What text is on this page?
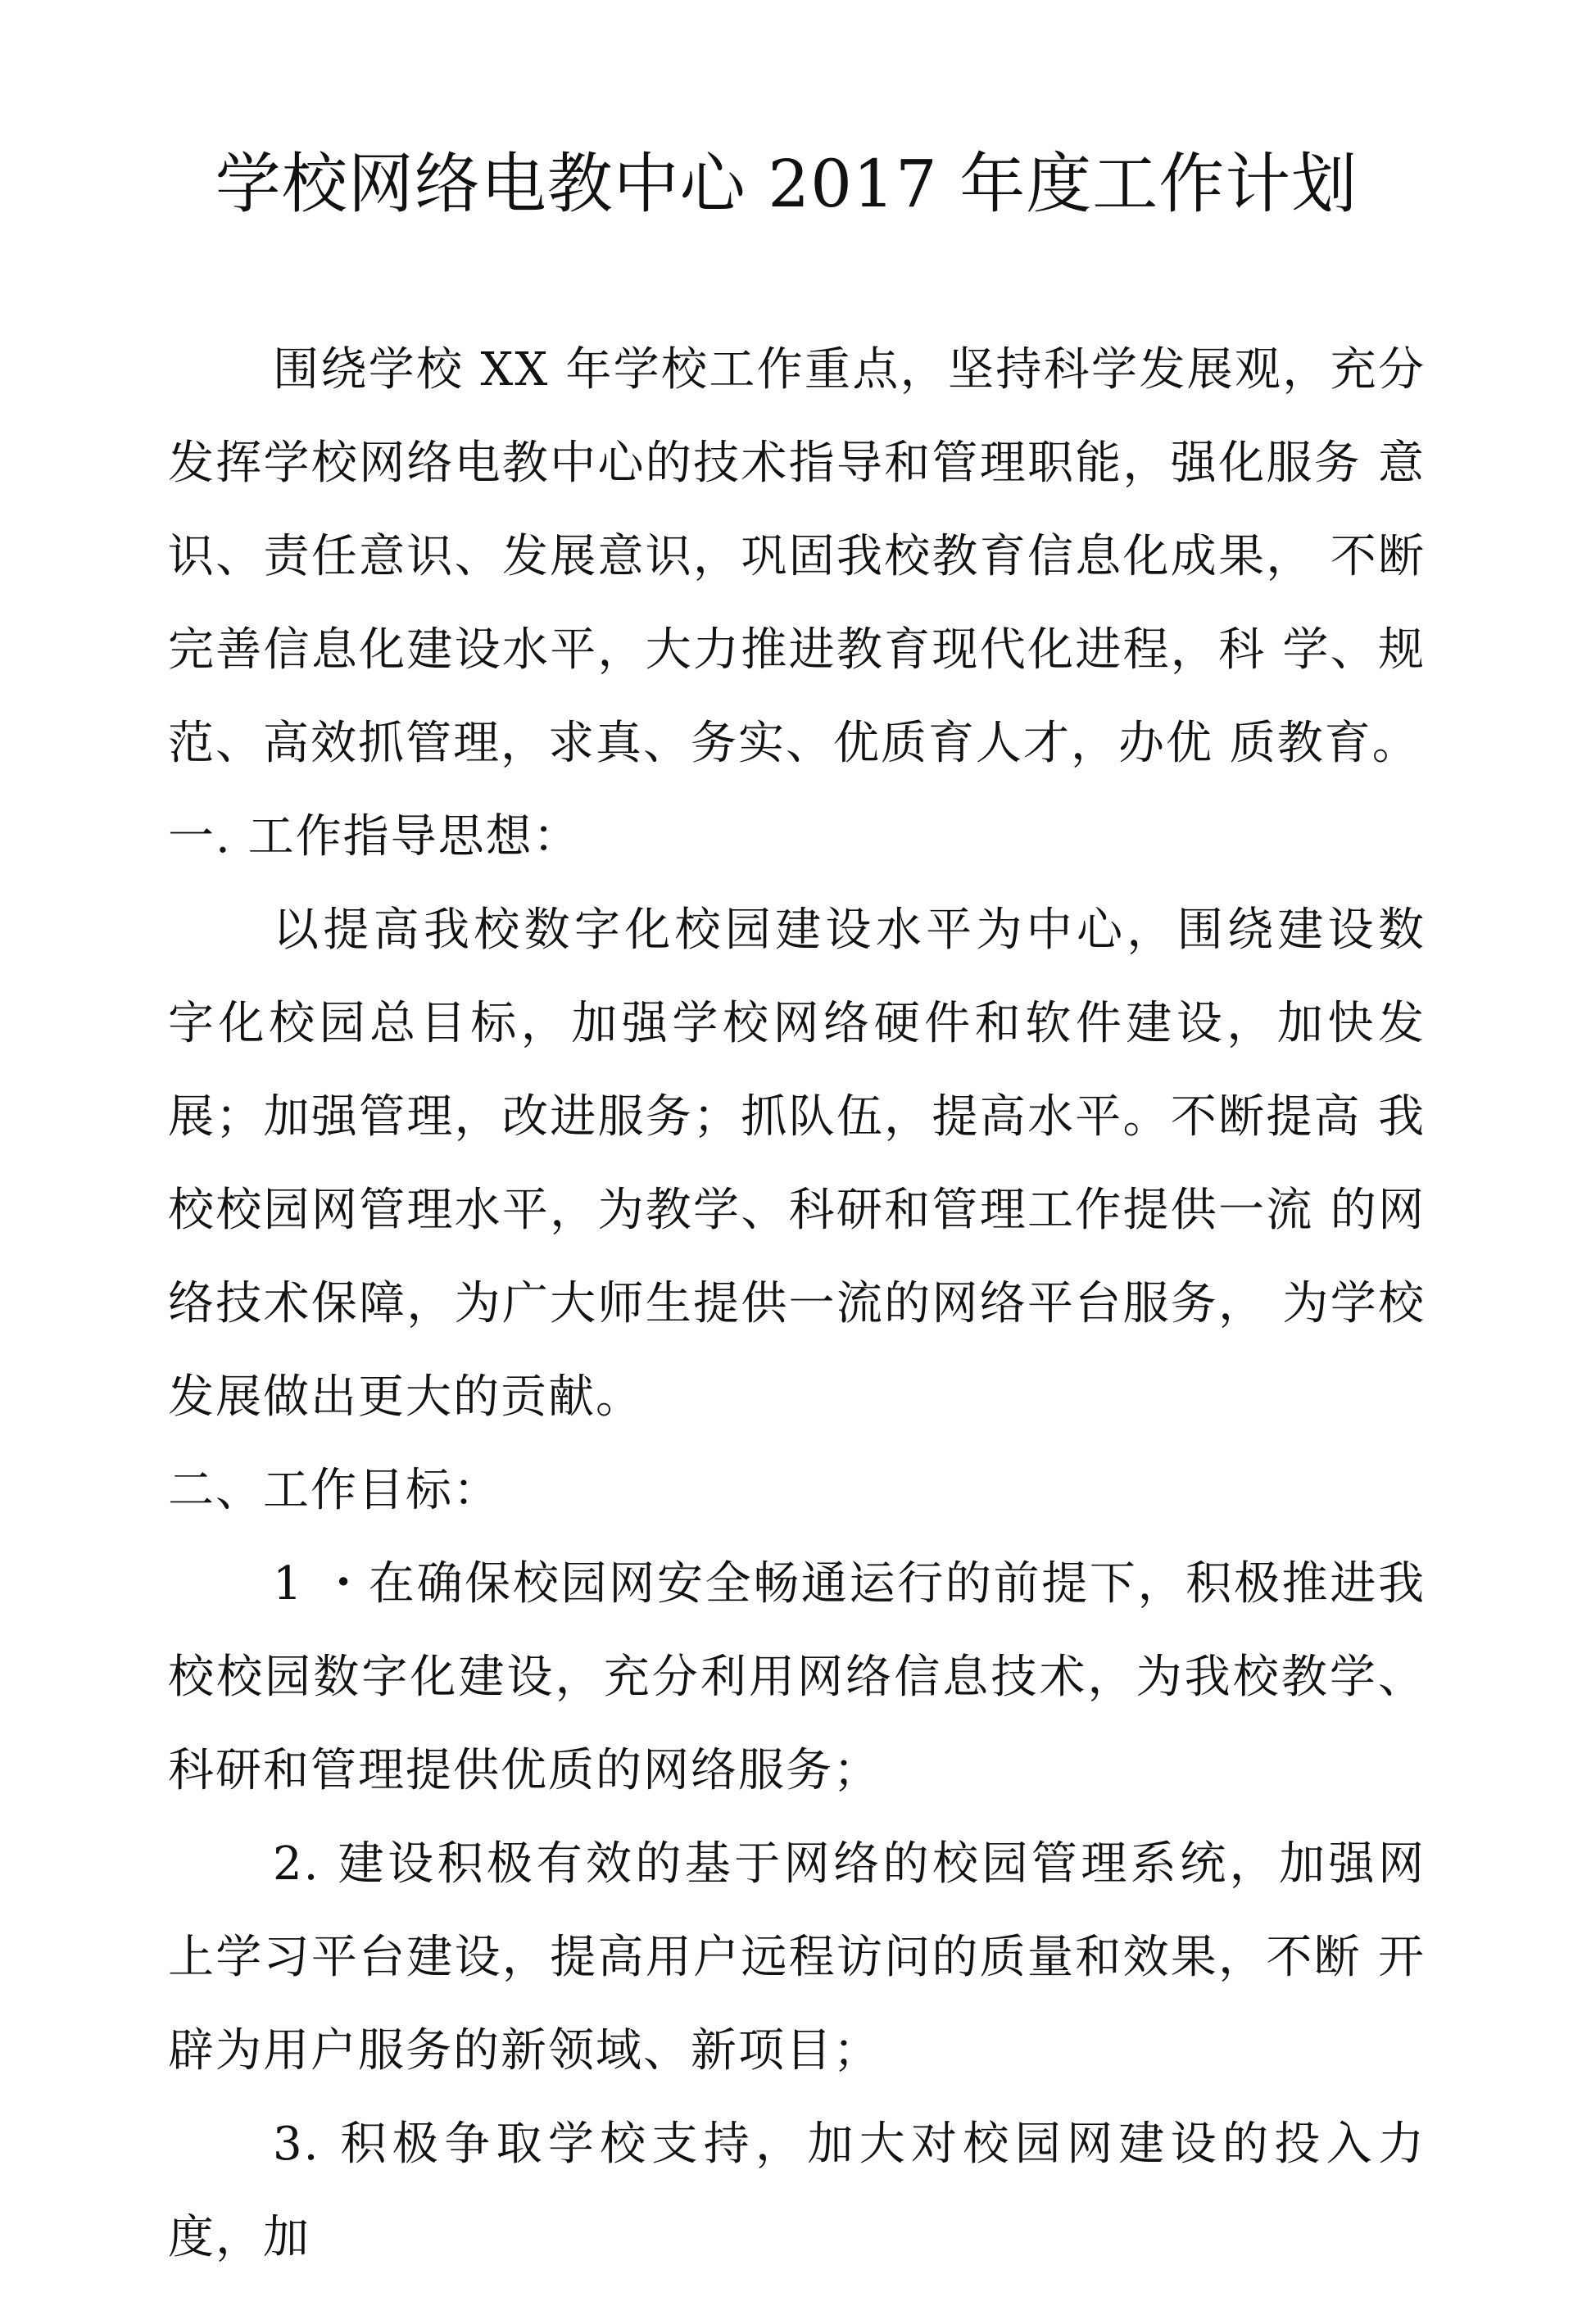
学校网络电教中心 2017 年度工作计划

围绕学校 XX 年学校工作重点，坚持科学发展观，充分发挥学校网络电教中心的技术指导和管理职能，强化服务 意识、责任意识、发展意识，巩固我校教育信息化成果， 不断完善信息化建设水平，大力推进教育现代化进程，科 学、规范、高效抓管理，求真、务实、优质育人才，办优 质教育。

一. 工作指导思想：

以提高我校数字化校园建设水平为中心，围绕建设数 字化校园总目标，加强学校网络硬件和软件建设，加快发 展；加强管理，改进服务；抓队伍，提高水平。不断提高 我校校园网管理水平，为教学、科研和管理工作提供一流 的网络技术保障，为广大师生提供一流的网络平台服务， 为学校发展做出更大的贡献。

二、工作目标：

1 ・在确保校园网安全畅通运行的前提下，积极推进我 校校园数字化建设，充分利用网络信息技术，为我校教学、 科研和管理提供优质的网络服务；

2. 建设积极有效的基于网络的校园管理系统，加强网 上学习平台建设，提高用户远程访问的质量和效果，不断 开辟为用户服务的新领域、新项目；

3. 积极争取学校支持，加大对校园网建设的投入力度，加
